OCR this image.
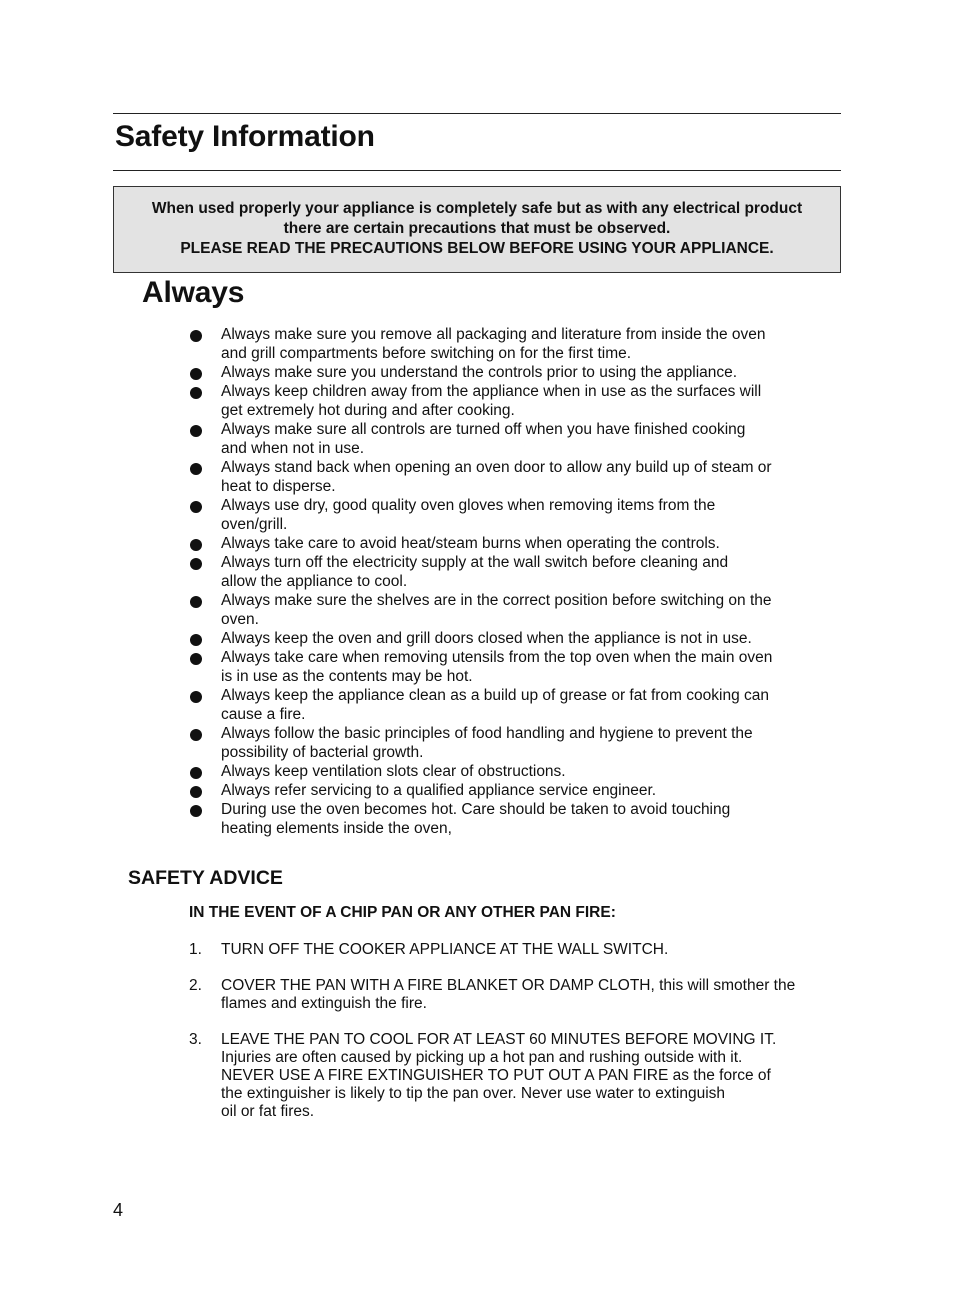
Safety Information
When used properly your appliance is completely safe but as with any electrical product
there are certain precautions that must be observed.
PLEASE READ THE PRECAUTIONS BELOW BEFORE USING YOUR APPLIANCE.
Always
Always make sure you remove all packaging and literature from inside the oven
and grill compartments before switching on for the first time.
Always make sure you understand the controls prior to using the appliance.
Always keep children away from the appliance when in use as the surfaces will
get extremely hot during and after cooking.
Always make sure all controls are turned off when you have finished cooking
and when not in use.
Always stand back when opening an oven door to allow any build up of steam or
heat to disperse.
Always use dry, good quality oven gloves when removing items from the
oven/grill.
Always take care to avoid heat/steam burns when operating the controls.
Always turn off the electricity supply at the wall switch before cleaning and
allow the appliance to cool.
Always make sure the shelves are in the correct position before switching on the
oven.
Always keep the oven and grill doors closed when the appliance is not in use.
Always take care when removing utensils from the top oven when the main oven
is in use as the contents may be hot.
Always keep the appliance clean as a build up of grease or fat from cooking can
cause a fire.
Always follow the basic principles of food handling and hygiene to prevent the
possibility of bacterial growth.
Always keep ventilation slots clear of obstructions.
Always refer servicing to a qualified appliance service engineer.
During use the oven becomes hot. Care should be taken to avoid touching
heating elements inside the oven,
SAFETY ADVICE

IN THE EVENT OF A CHIP PAN OR ANY OTHER PAN FIRE:

1. TURN OFF THE COOKER APPLIANCE AT THE WALL SWITCH.
2. COVER THE PAN WITH A FIRE BLANKET OR DAMP CLOTH, this will smother the
flames and extinguish the fire.
3. LEAVE THE PAN TO COOL FOR AT LEAST 60 MINUTES BEFORE MOVING IT.
Injuries are often caused by picking up a hot pan and rushing outside with it.
NEVER USE A FIRE EXTINGUISHER TO PUT OUT A PAN FIRE as the force of
the extinguisher is likely to tip the pan over. Never use water to extinguish
oil or fat fires.
4
